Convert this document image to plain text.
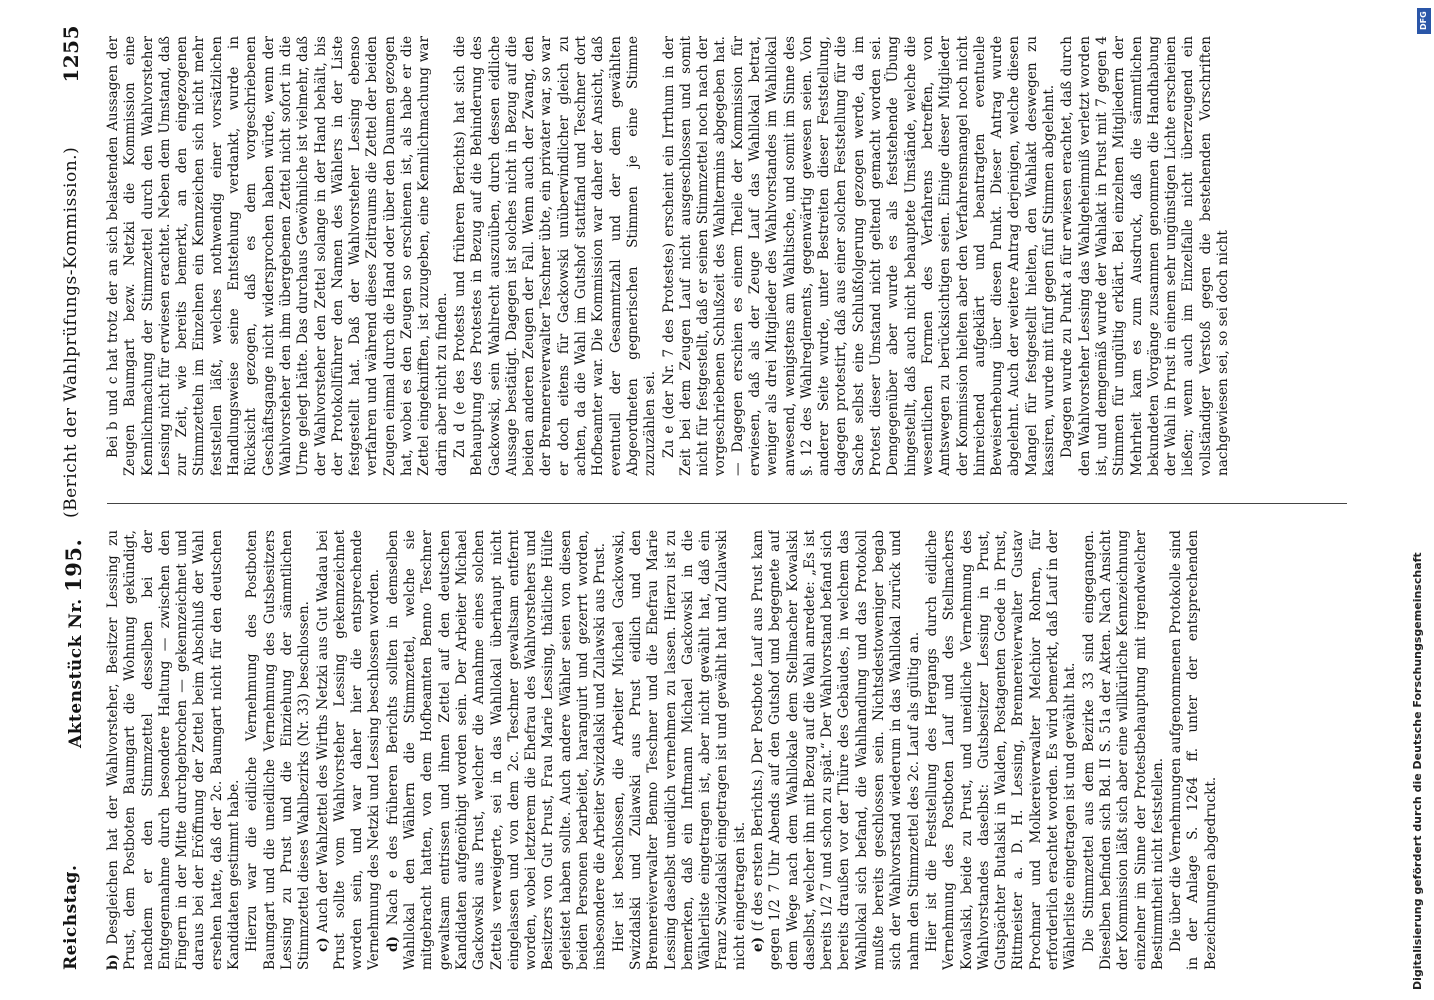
Reichstag.
Aktenstück Nr. 195.
(Bericht der Wahlprüfungs-Kommission.)
1255

b) Desgleichen hat der Wahlvorsteher, Besitzer Lessing zu Prust, dem Postboten Baumgart die Wohnung gekündigt, nachdem er den Stimmzettel desselben bei der Entgegennahme durch besondere Haltung — zwischen den Fingern in der Mitte durchgebrochen — gekennzeichnet und daraus bei der Eröffnung der Zettel beim Abschluß der Wahl ersehen hatte, daß der 2c. Baumgart nicht für den deutschen Kandidaten gestimmt habe. Hierzu war die eidliche Vernehmung des Postboten Baumgart und die uneidliche Vernehmung des Gutsbesitzers Lessing zu Prust und die Einziehung der sämmtlichen Stimmzettel dieses Wahlbezirks (Nr. 33) beschlossen. c) Auch der Wahlzettel des Wirths Netzki aus Gut Wadau bei Prust sollte vom Wahlvorsteher Lessing gekennzeichnet worden sein, und war daher hier die entsprechende Vernehmung des Netzki und Lessing beschlossen worden. d) Nach e des früheren Berichts sollten in demselben Wahllokal den Wählern die Stimmzettel, welche sie mitgebracht hatten, von dem Hofbeamten Benno Teschner gewaltsam entrissen und ihnen Zettel auf den deutschen Kandidaten aufgenöthigt worden sein. Der Arbeiter Michael Gackowski aus Prust, welcher die Annahme eines solchen Zettels verweigerte, sei in das Wahllokal überhaupt nicht eingelassen und von dem 2c. Teschner gewaltsam entfernt worden, wobei letzterem die Ehefrau des Wahlvorstehers und Besitzers von Gut Prust, Frau Marie Lessing, thätliche Hülfe geleistet haben sollte. Auch andere Wähler seien von diesen beiden Personen bearbeitet, haranguirt und gezerrt worden, insbesondere die Arbeiter Swizdalski und Zulawski aus Prust. Hier ist beschlossen, die Arbeiter Michael Gackowski, Swizdalski und Zulawski aus Prust eidlich und den Brennereiverwalter Benno Teschner und die Ehefrau Marie Lessing daselbst uneidlich vernehmen zu lassen. Hierzu ist zu bemerken, daß ein Inftmann Michael Gackowski in die Wählerliste eingetragen ist, aber nicht gewählt hat, daß ein Franz Swizdalski eingetragen ist und gewählt hat und Zulawski nicht eingetragen ist. e) (f des ersten Berichts.) Der Postbote Lauf aus Prust kam gegen 1/2 7 Uhr Abends auf den Gutshof und begegnete auf dem Wege nach dem Wahllokale dem Stellmacher Kowalski daselbst, welcher ihn mit Bezug auf die Wahl anredete: „Es ist bereits 1/2 7 und schon zu spät.“ Der Wahlvorstand befand sich bereits draußen vor der Thüre des Gebäudes, in welchem das Wahllokal sich befand, die Wahlhandlung und das Protokoll mußte bereits geschlossen sein. Nichtsdestoweniger begab sich der Wahlvorstand wiederum in das Wahllokal zurück und nahm den Stimmzettel des 2c. Lauf als gültig an. Hier ist die Feststellung des Hergangs durch eidliche Vernehmung des Postboten Lauf und des Stellmachers Kowalski, beide zu Prust, und uneidliche Vernehmung des Wahlvorstandes daselbst: Gutsbesitzer Lessing in Prust, Gutspächter Butalski in Walden, Postagenten Goede in Prust, Rittmeister a. D. H. Lessing, Brennereiverwalter Gustav Prochmar und Molkereiverwalter Melchior Rohren, für erforderlich erachtet worden. Es wird bemerkt, daß Lauf in der Wählerliste eingetragen ist und gewählt hat. Die Stimmzettel aus dem Bezirke 33 sind eingegangen. Dieselben befinden sich Bd. II S. 51a der Akten. Nach Ansicht der Kommission läßt sich aber eine willkürliche Kennzeichnung einzelner im Sinne der Protestbehauptung mit irgendwelcher Bestimmtheit nicht feststellen. Die über die Vernehmungen aufgenommenen Protokolle sind in der Anlage S. 1264 ff. unter der entsprechenden Bezeichnungen abgedruckt.

Bei b und c hat trotz der an sich belastenden Aussagen der Zeugen Baumgart bezw. Netzki die Kommission eine Kennlichmachung der Stimmzettel durch den Wahlvorsteher Lessing nicht für erwiesen erachtet. Neben dem Umstand, daß zur Zeit, wie bereits bemerkt, an den eingezogenen Stimmzetteln im Einzelnen ein Kennzeichen sich nicht mehr feststellen läßt, welches nothwendig einer vorsätzlichen Handlungsweise seine Entstehung verdankt, wurde in Rücksicht gezogen, daß es dem vorgeschriebenen Geschäftsgange nicht widersprochen haben würde, wenn der Wahlvorsteher den ihm übergebenen Zettel nicht sofort in die Urne gelegt hätte. Das durchaus Gewöhnliche ist vielmehr, daß der Wahlvorsteher den Zettel solange in der Hand behält, bis der Protokollführer den Namen des Wählers in der Liste festgestellt hat. Daß der Wahlvorsteher Lessing ebenso verfahren und während dieses Zeitraums die Zettel der beiden Zeugen einmal durch die Hand oder über den Daumen gezogen hat, wobei es den Zeugen so erschienen ist, als habe er die Zettel eingeknifften, ist zuzugeben, eine Kennlichmachung war darin aber nicht zu finden. Zu d (e des Protests und früheren Berichts) hat sich die Behauptung des Protestes in Bezug auf die Behinderung des Gackowski, sein Wahlrecht auszuüben, durch dessen eidliche Aussage bestätigt. Dagegen ist solches nicht in Bezug auf die beiden anderen Zeugen der Fall. Wenn auch der Zwang, den der Brennereiverwalter Teschner übte, ein privater war, so war er doch eitens für Gackowski unüberwindlicher gleich zu achten, da die Wahl im Gutshof stattfand und Teschner dort Hofbeamter war. Die Kommission war daher der Ansicht, daß eventuell der Gesammtzahl und der dem gewählten Abgeordneten gegnerischen Stimmen je eine Stimme zuzuzählen sei. Zu e (der Nr. 7 des Protestes) erscheint ein Irrthum in der Zeit bei dem Zeugen Lauf nicht ausgeschlossen und somit nicht für festgestellt, daß er seinen Stimmzettel noch nach der vorgeschriebenen Schlußzeit des Wahltermins abgegeben hat. — Dagegen erschien es einem Theile der Kommission für erwiesen, daß als der Zeuge Lauf das Wahllokal betrat, weniger als drei Mitglieder des Wahlvorstandes im Wahllokal anwesend, wenigstens am Wahltische, und somit im Sinne des §. 12 des Wahlreglements, gegenwärtig gewesen seien. Von anderer Seite wurde, unter Bestreiten dieser Feststellung, dagegen protestirt, daß aus einer solchen Feststellung für die Sache selbst eine Schlußfolgerung gezogen werde, da im Protest dieser Umstand nicht geltend gemacht worden sei. Demgegenüber aber wurde es als feststehende Übung hingestellt, daß auch nicht behauptete Umstände, welche die wesentlichen Formen des Verfahrens betreffen, von Amtswegen zu berücksichtigen seien. Einige dieser Mitglieder der Kommission hielten aber den Verfahrensmangel noch nicht hinreichend aufgeklärt und beantragten eventuelle Beweiserhebung über diesen Punkt. Dieser Antrag wurde abgelehnt. Auch der weitere Antrag derjenigen, welche diesen Mangel für festgestellt hielten, den Wahlakt deswegen zu kassiren, wurde mit fünf gegen fünf Stimmen abgelehnt. Dagegen wurde zu Punkt a für erwiesen erachtet, daß durch den Wahlvorsteher Lessing das Wahlgeheimniß verletzt worden ist, und demgemäß wurde der Wahlakt in Prust mit 7 gegen 4 Stimmen für ungültig erklärt. Bei einzelnen Mitgliedern der Mehrheit kam es zum Ausdruck, daß die sämmtlichen bekundeten Vorgänge zusammen genommen die Handhabung der Wahl in Prust in einem sehr ungünstigen Lichte erscheinen ließen; wenn auch im Einzelfalle nicht überzeugend ein vollständiger Verstoß gegen die bestehenden Vorschriften nachgewiesen sei, so sei doch nicht

Digitalisierung gefördert durch die Deutsche Forschungsgemeinschaft
DFG
